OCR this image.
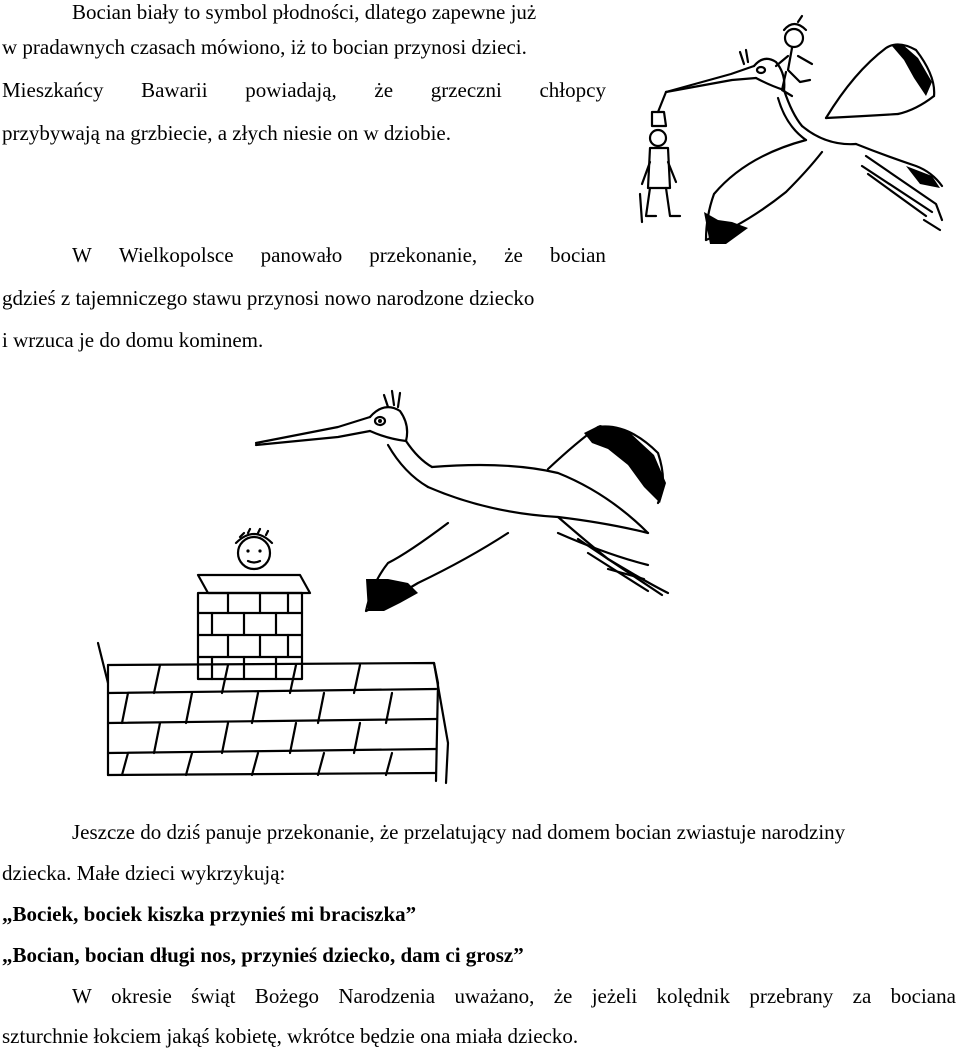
Bocian biały to symbol płodności, dlatego zapewne już
w pradawnych czasach mówiono, iż to bocian przynosi dzieci.
Mieszkańcy Bawarii powiadają, że grzeczni chłopcy
przybywają na grzbiecie, a złych niesie on w dziobie.
W Wielkopolsce panowało przekonanie, że bocian
gdzieś z tajemniczego stawu przynosi nowo narodzone dziecko
i wrzuca je do domu kominem.
Jeszcze do dziś panuje przekonanie, że przelatujący nad domem bocian zwiastuje narodziny
dziecka. Małe dzieci wykrzykują:
„Bociek, bociek kiszka przynieś mi braciszka”
„Bocian, bocian długi nos, przynieś dziecko, dam ci grosz”
W okresie świąt Bożego Narodzenia uważano, że jeżeli kolędnik przebrany za bociana
szturchnie łokciem jakąś kobietę, wkrótce będzie ona miała dziecko.
